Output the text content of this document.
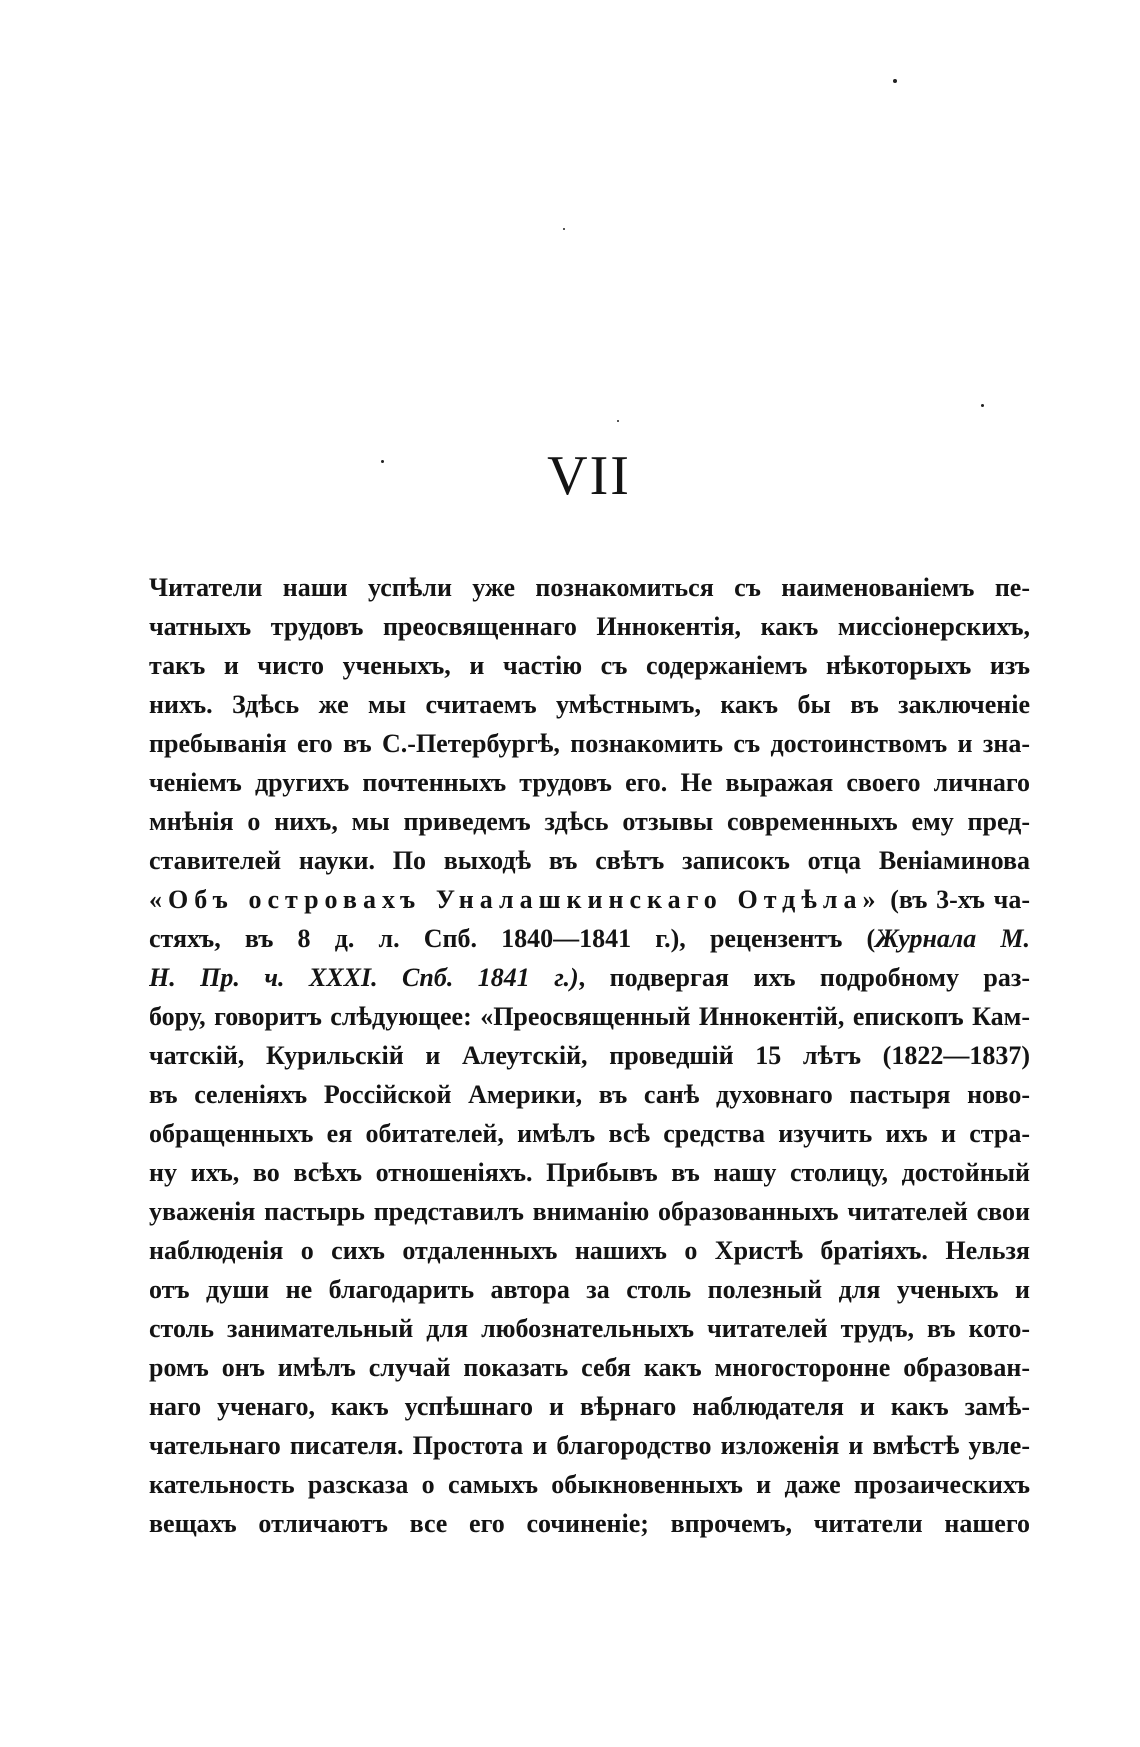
VII
Читатели наши успѣли уже познакомиться съ наименованіемъ пе-
чатныхъ трудовъ преосвященнаго Иннокентія, какъ миссіонерскихъ,
такъ и чисто ученыхъ, и частію съ содержаніемъ нѣкоторыхъ изъ
нихъ. Здѣсь же мы считаемъ умѣстнымъ, какъ бы въ заключеніе
пребыванія его въ С.-Петербургѣ, познакомить съ достоинствомъ и зна-
ченіемъ другихъ почтенныхъ трудовъ его. Не выражая своего личнаго
мнѣнія о нихъ, мы приведемъ здѣсь отзывы современныхъ ему пред-
ставителей науки. По выходѣ въ свѣтъ записокъ отца Веніаминова
«Объ островахъ Уналашкинскаго Отдѣла» (въ 3-хъ ча-
стяхъ, въ 8 д. л. Спб. 1840—1841 г.), рецензентъ (Журнала М.
Н. Пр. ч. XXXI. Спб. 1841 г.), подвергая ихъ подробному раз-
бору, говоритъ слѣдующее: «Преосвященный Иннокентій, епископъ Кам-
чатскій, Курильскій и Алеутскій, проведшій 15 лѣтъ (1822—1837)
въ селеніяхъ Россійской Америки, въ санѣ духовнаго пастыря ново-
обращенныхъ ея обитателей, имѣлъ всѣ средства изучить ихъ и стра-
ну ихъ, во всѣхъ отношеніяхъ. Прибывъ въ нашу столицу, достойный
уваженія пастырь представилъ вниманію образованныхъ читателей свои
наблюденія о сихъ отдаленныхъ нашихъ о Христѣ братіяхъ. Нельзя
отъ души не благодарить автора за столь полезный для ученыхъ и
столь занимательный для любознательныхъ читателей трудъ, въ кото-
ромъ онъ имѣлъ случай показать себя какъ многосторонне образован-
наго ученаго, какъ успѣшнаго и вѣрнаго наблюдателя и какъ замѣ-
чательнаго писателя. Простота и благородство изложенія и вмѣстѣ увле-
кательность разсказа о самыхъ обыкновенныхъ и даже прозаическихъ
вещахъ отличаютъ все его сочиненіе; впрочемъ, читатели нашего
